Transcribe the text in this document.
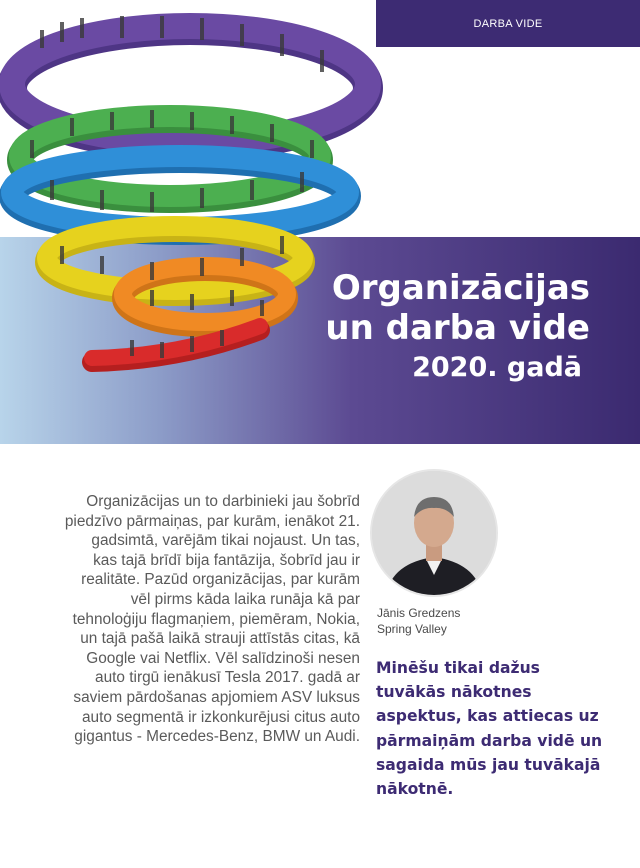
DARBA VIDE
Organizācijas
un darba vide
2020. gadā

Organizācijas un to darbinieki jau šobrīd piedzīvo pārmaiņas, par kurām, ienākot 21. gadsimtā, varējām tikai nojaust. Un tas, kas tajā brīdī bija fantāzija, šobrīd jau ir realitāte. Pazūd organizācijas, par kurām vēl pirms kāda laika runāja kā par tehnoloģiju flagmaņiem, piemēram, Nokia, un tajā pašā laikā strauji attīstās citas, kā Google vai Netflix. Vēl salīdzinoši nesen auto tirgū ienākusī Tesla 2017. gadā ar saviem pārdošanas apjomiem ASV luksus auto segmentā ir izkonkurējusi citus auto gigantus - Mercedes-Benz, BMW un Audi.

Jānis Gredzens
Spring Valley

Minēšu tikai dažus tuvākās nākotnes aspektus, kas attiecas uz pārmaiņām darba vidē un sagaida mūs jau tuvākajā nākotnē.
